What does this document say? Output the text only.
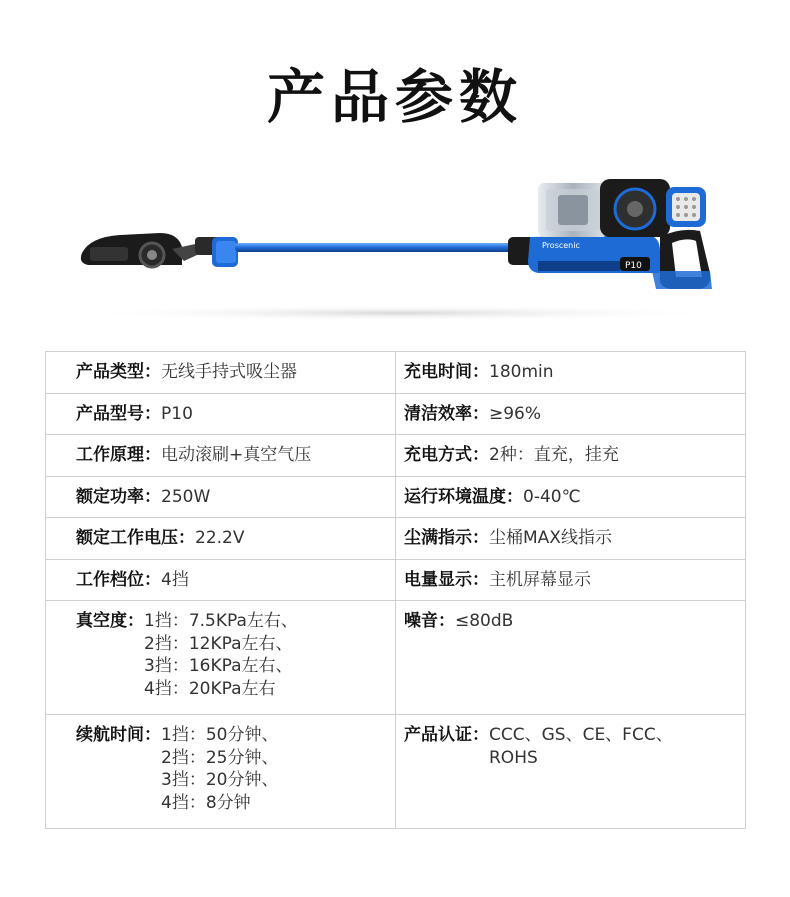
产品参数
P10
Proscenic
产品类型： 无线手持式吸尘器	充电时间： 180min

产品型号： P10	清洁效率： ≥96%

工作原理： 电动滚刷+真空气压	充电方式： 2种：直充，挂充

额定功率： 250W	运行环境温度： 0-40℃

额定工作电压： 22.2V	尘满指示： 尘桶MAX线指示

工作档位： 4挡	电量显示： 主机屏幕显示

真空度： 1挡：7.5KPa左右、
2挡：12KPa左右、
3挡：16KPa左右、
4挡：20KPa左右	噪音： ≤80dB

续航时间： 1挡：50分钟、
2挡：25分钟、
3挡：20分钟、
4挡：8分钟	产品认证： CCC、GS、CE、FCC、
ROHS
